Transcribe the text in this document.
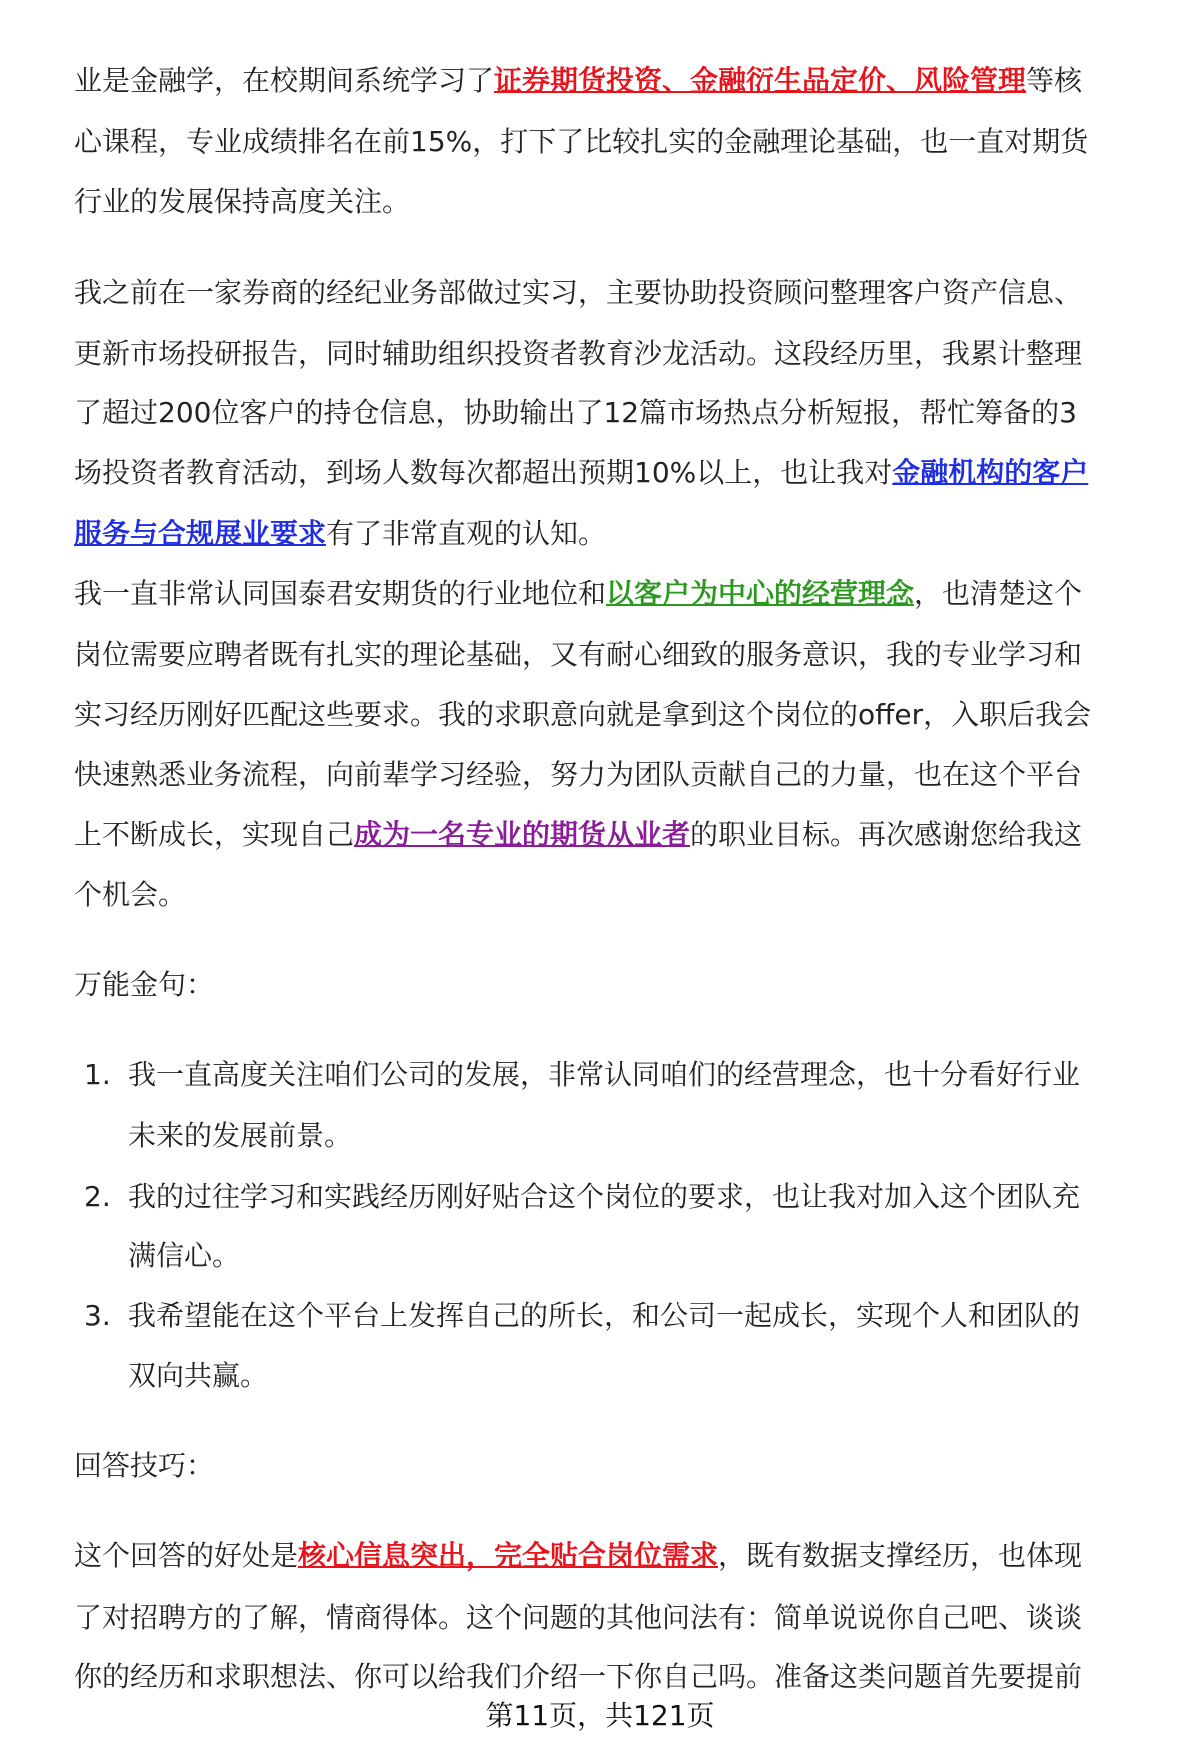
业是金融学，在校期间系统学习了证券期货投资、金融衍生品定价、风险管理等核
心课程，专业成绩排名在前15%，打下了比较扎实的金融理论基础，也一直对期货
行业的发展保持高度关注。
我之前在一家券商的经纪业务部做过实习，主要协助投资顾问整理客户资产信息、
更新市场投研报告，同时辅助组织投资者教育沙龙活动。这段经历里，我累计整理
了超过200位客户的持仓信息，协助输出了12篇市场热点分析短报，帮忙筹备的3
场投资者教育活动，到场人数每次都超出预期10%以上，也让我对金融机构的客户
服务与合规展业要求有了非常直观的认知。
我一直非常认同国泰君安期货的行业地位和以客户为中心的经营理念，也清楚这个
岗位需要应聘者既有扎实的理论基础，又有耐心细致的服务意识，我的专业学习和
实习经历刚好匹配这些要求。我的求职意向就是拿到这个岗位的offer，入职后我会
快速熟悉业务流程，向前辈学习经验，努力为团队贡献自己的力量，也在这个平台
上不断成长，实现自己成为一名专业的期货从业者的职业目标。再次感谢您给我这
个机会。
万能金句：
1. 我一直高度关注咱们公司的发展，非常认同咱们的经营理念，也十分看好行业
未来的发展前景。
2. 我的过往学习和实践经历刚好贴合这个岗位的要求，也让我对加入这个团队充
满信心。
3. 我希望能在这个平台上发挥自己的所长，和公司一起成长，实现个人和团队的
双向共赢。
回答技巧：
这个回答的好处是核心信息突出，完全贴合岗位需求，既有数据支撑经历，也体现
了对招聘方的了解，情商得体。这个问题的其他问法有：简单说说你自己吧、谈谈
你的经历和求职想法、你可以给我们介绍一下你自己吗。准备这类问题首先要提前
第11页，共121页
